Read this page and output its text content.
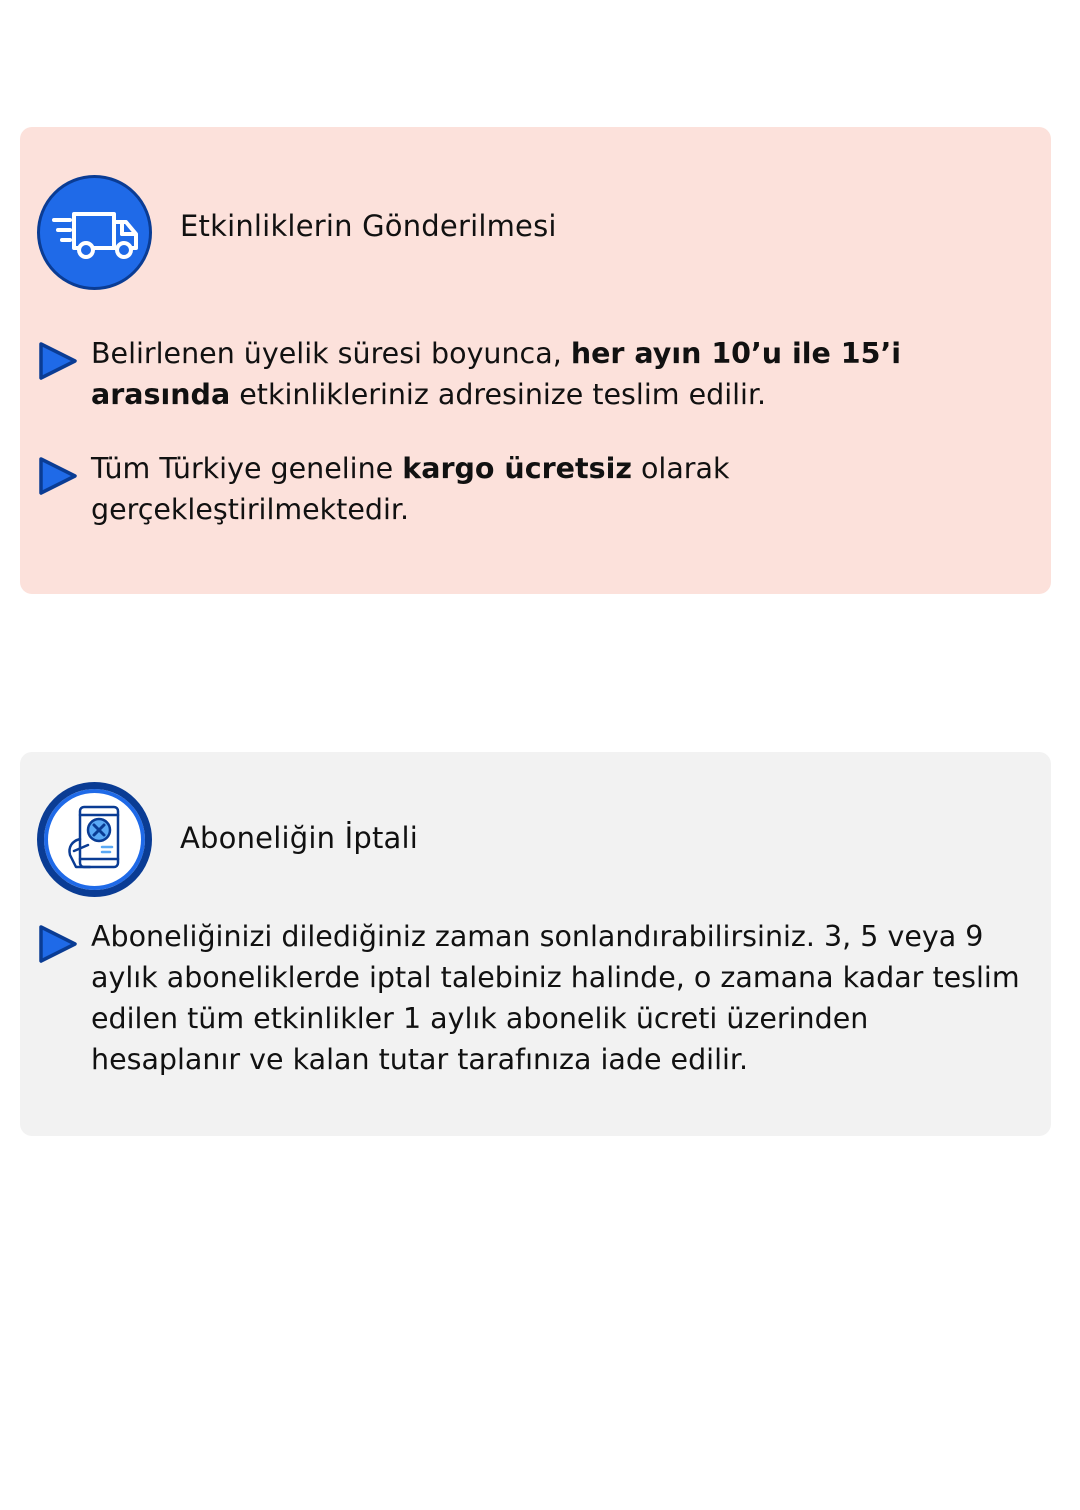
Etkinliklerin Gönderilmesi
Belirlenen üyelik süresi boyunca, her ayın 10’u ile 15’i arasında etkinlikleriniz adresinize teslim edilir.
Tüm Türkiye geneline kargo ücretsiz olarak gerçekleştirilmektedir.
Aboneliğin İptali
Aboneliğinizi dilediğiniz zaman sonlandırabilirsiniz. 3, 5 veya 9 aylık aboneliklerde iptal talebiniz halinde, o zamana kadar teslim edilen tüm etkinlikler 1 aylık abonelik ücreti üzerinden hesaplanır ve kalan tutar tarafınıza iade edilir.
